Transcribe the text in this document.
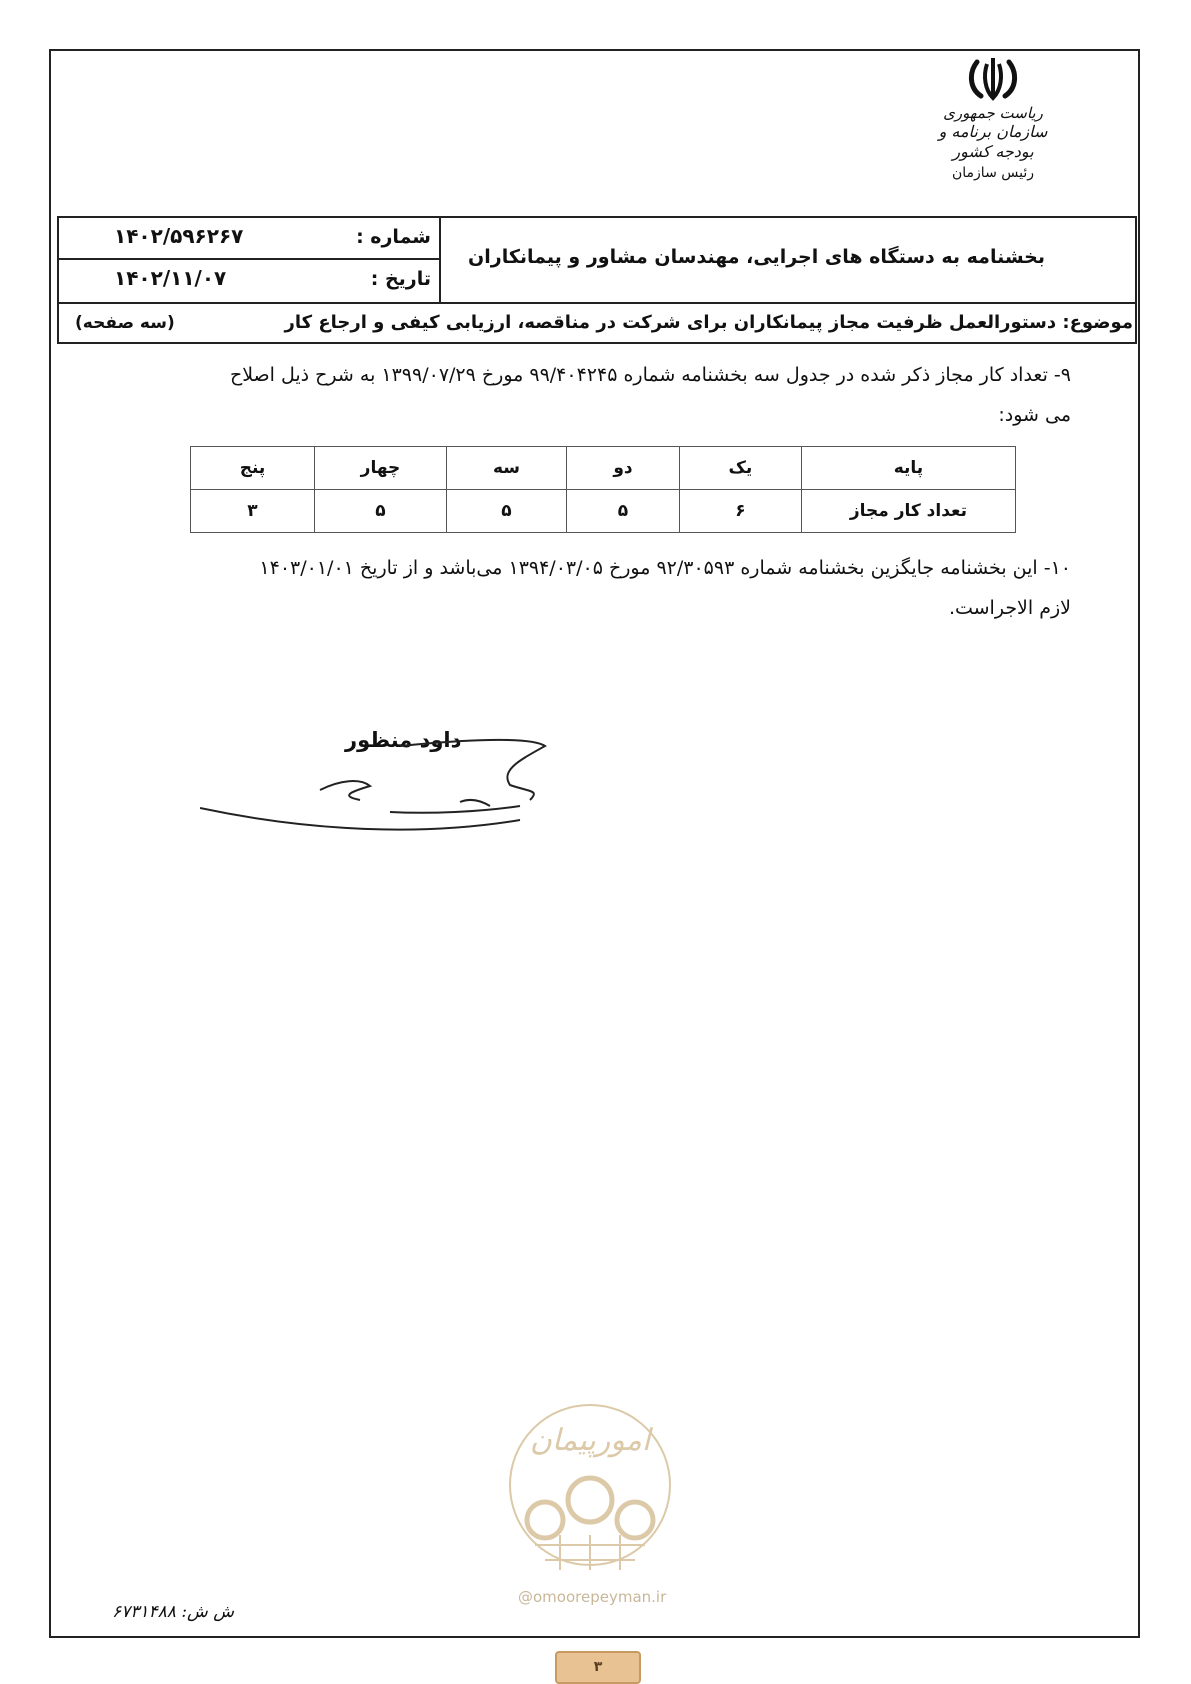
ریاست جمهوری
سازمان برنامه و بودجه کشور
رئیس سازمان
شماره :
۱۴۰۲/۵۹۶۲۶۷
تاریخ :
۱۴۰۲/۱۱/۰۷
بخشنامه به دستگاه های اجرایی، مهندسان مشاور و پیمانکاران
موضوع: دستورالعمل ظرفیت مجاز پیمانکاران برای شرکت در مناقصه، ارزیابی کیفی و ارجاع کار
(سه صفحه)
۹- تعداد کار مجاز ذکر شده در جدول سه بخشنامه شماره ۹۹/۴۰۴۲۴۵ مورخ ۱۳۹۹/۰۷/۲۹ به شرح ذیل اصلاح
می شود:
پایه	یک	دو	سه	چهار	پنج
تعداد کار مجاز	۶	۵	۵	۵	۳
۱۰- این بخشنامه جایگزین بخشنامه شماره ۹۲/۳۰۵۹۳ مورخ ۱۳۹۴/۰۳/۰۵ می‌باشد و از تاریخ ۱۴۰۳/۰۱/۰۱
لازم الاجراست.
داود منظور
امورپیمان
@omoorepeyman.ir
ش ش: ۶۷۳۱۴۸۸
۳
